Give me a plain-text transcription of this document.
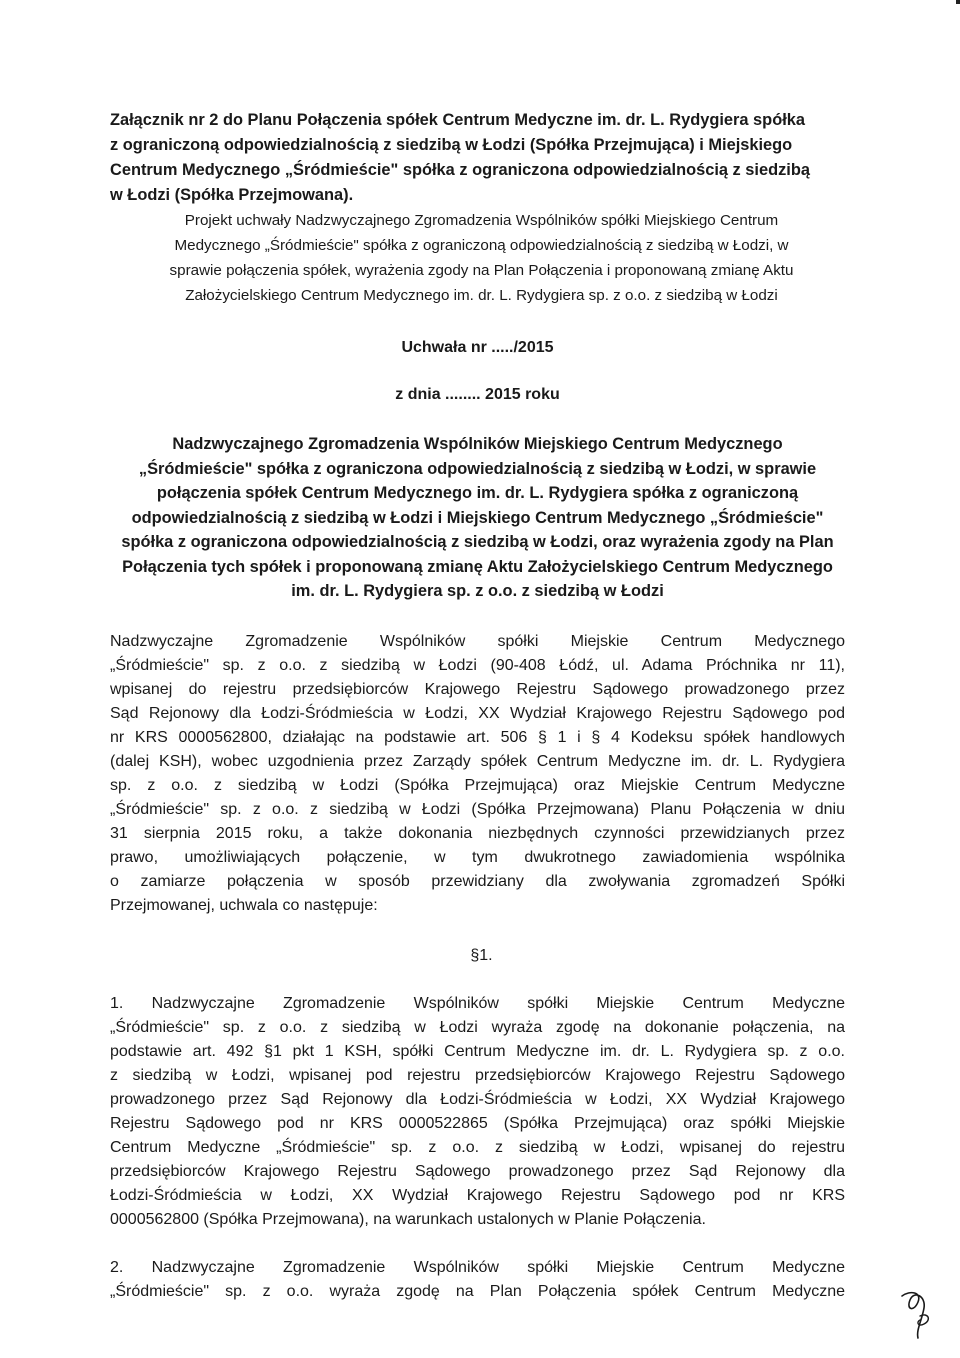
Załącznik nr 2 do Planu Połączenia spółek Centrum Medyczne im. dr. L. Rydygiera spółka
z ograniczoną odpowiedzialnością z siedzibą w Łodzi (Spółka Przejmująca) i Miejskiego
Centrum Medycznego „Śródmieście" spółka z ograniczona odpowiedzialnością z siedzibą
w Łodzi (Spółka Przejmowana).
Projekt uchwały Nadzwyczajnego Zgromadzenia Wspólników spółki Miejskiego Centrum
Medycznego „Śródmieście" spółka z ograniczoną odpowiedzialnością z siedzibą w Łodzi, w
sprawie połączenia spółek, wyrażenia zgody na Plan Połączenia i proponowaną zmianę Aktu
Założycielskiego Centrum Medycznego im. dr. L. Rydygiera sp. z o.o. z siedzibą w Łodzi
Uchwała nr ...../2015
z dnia ........ 2015 roku
Nadzwyczajnego Zgromadzenia Wspólników Miejskiego Centrum Medycznego
„Śródmieście" spółka z ograniczona odpowiedzialnością z siedzibą w Łodzi, w sprawie
połączenia spółek Centrum Medycznego im. dr. L. Rydygiera spółka z ograniczoną
odpowiedzialnością z siedzibą w Łodzi i Miejskiego Centrum Medycznego „Śródmieście"
spółka z ograniczona odpowiedzialnością z siedzibą w Łodzi, oraz wyrażenia zgody na Plan
Połączenia tych spółek i proponowaną zmianę Aktu Założycielskiego Centrum Medycznego
im. dr. L. Rydygiera sp. z o.o. z siedzibą w Łodzi
Nadzwyczajne Zgromadzenie Wspólników spółki Miejskie Centrum Medycznego
„Śródmieście" sp. z o.o. z siedzibą w Łodzi (90-408 Łódź, ul. Adama Próchnika nr 11),
wpisanej do rejestru przedsiębiorców Krajowego Rejestru Sądowego prowadzonego przez
Sąd Rejonowy dla Łodzi-Śródmieścia w Łodzi, XX Wydział Krajowego Rejestru Sądowego pod
nr KRS 0000562800, działając na podstawie art. 506 § 1 i § 4 Kodeksu spółek handlowych
(dalej KSH), wobec uzgodnienia przez Zarządy spółek Centrum Medyczne im. dr. L. Rydygiera
sp. z o.o. z siedzibą w Łodzi (Spółka Przejmująca) oraz Miejskie Centrum Medyczne
„Śródmieście" sp. z o.o. z siedzibą w Łodzi (Spółka Przejmowana) Planu Połączenia w dniu
31 sierpnia 2015 roku, a także dokonania niezbędnych czynności przewidzianych przez
prawo, umożliwiających połączenie, w tym dwukrotnego zawiadomienia wspólnika
o zamiarze połączenia w sposób przewidziany dla zwoływania zgromadzeń Spółki
Przejmowanej, uchwala co następuje:
§1.
1. Nadzwyczajne Zgromadzenie Wspólników spółki Miejskie Centrum Medyczne
„Śródmieście" sp. z o.o. z siedzibą w Łodzi wyraża zgodę na dokonanie połączenia, na
podstawie art. 492 §1 pkt 1 KSH, spółki Centrum Medyczne im. dr. L. Rydygiera sp. z o.o.
z siedzibą w Łodzi, wpisanej pod rejestru przedsiębiorców Krajowego Rejestru Sądowego
prowadzonego przez Sąd Rejonowy dla Łodzi-Śródmieścia w Łodzi, XX Wydział Krajowego
Rejestru Sądowego pod nr KRS 0000522865 (Spółka Przejmująca) oraz spółki Miejskie
Centrum Medyczne „Śródmieście" sp. z o.o. z siedzibą w Łodzi, wpisanej do rejestru
przedsiębiorców Krajowego Rejestru Sądowego prowadzonego przez Sąd Rejonowy dla
Łodzi-Śródmieścia w Łodzi, XX Wydział Krajowego Rejestru Sądowego pod nr KRS
0000562800 (Spółka Przejmowana), na warunkach ustalonych w Planie Połączenia.
2. Nadzwyczajne Zgromadzenie Wspólników spółki Miejskie Centrum Medyczne
„Śródmieście" sp. z o.o. wyraża zgodę na Plan Połączenia spółek Centrum Medyczne
